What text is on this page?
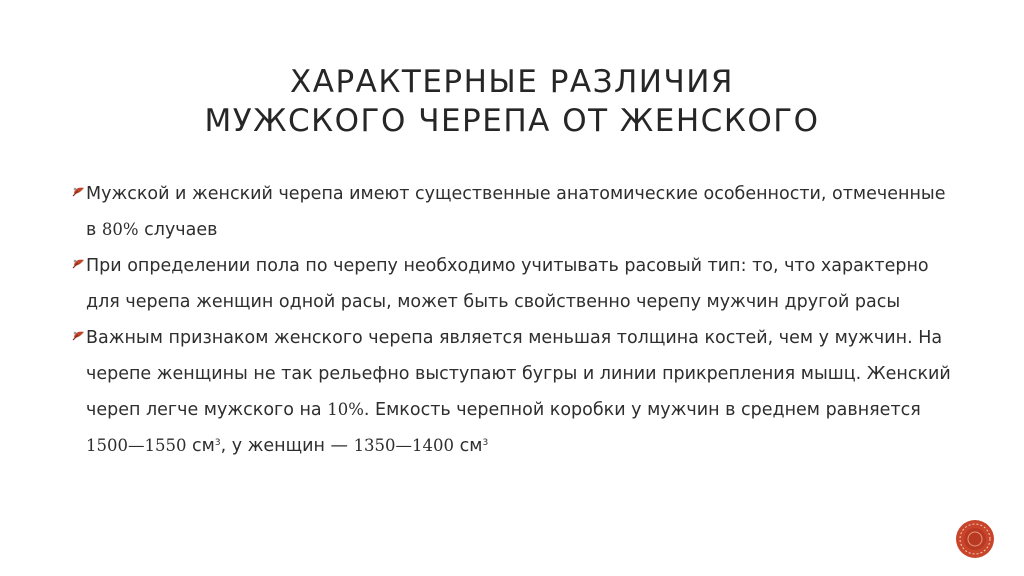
ХАРАКТЕРНЫЕ РАЗЛИЧИЯ
МУЖСКОГО ЧЕРЕПА ОТ ЖЕНСКОГО
Мужской и женский черепа имеют существенные анатомические особенности, отмеченные в 80% случаев
При определении пола по черепу необходимо учитывать расовый тип: то, что характерно для черепа женщин одной расы, может быть свойственно черепу мужчин другой расы
Важным признаком женского черепа является меньшая толщина костей, чем у мужчин. На черепе женщины не так рельефно выступают бугры и линии прикрепления мышц. Женский череп легче мужского на 10%. Емкость черепной коробки у мужчин в среднем равняется 1500—1550 $см^3$, у женщин — 1350—1400 $см^3$
